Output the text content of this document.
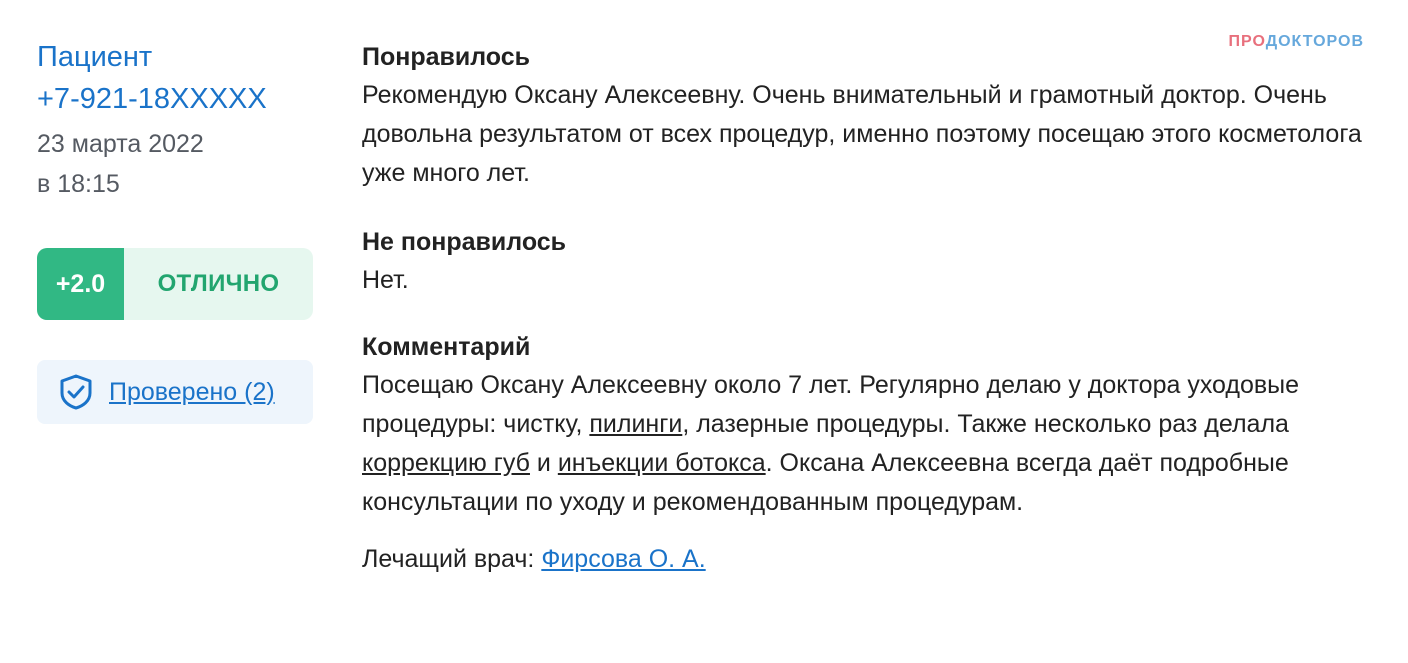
Пациент
+7-921-18XXXXX
23 марта 2022
в 18:15
+2.0	ОТЛИЧНО
Проверено (2)
ПРОДОКТОРОВ
Понравилось
Рекомендую Оксану Алексеевну. Очень внимательный и грамотный доктор. Очень довольна результатом от всех процедур, именно поэтому посещаю этого косметолога уже много лет.
Не понравилось
Нет.
Комментарий
Посещаю Оксану Алексеевну около 7 лет. Регулярно делаю у доктора уходовые процедуры: чистку, пилинги, лазерные процедуры. Также несколько раз делала коррекцию губ и инъекции ботокса. Оксана Алексеевна всегда даёт подробные консультации по уходу и рекомендованным процедурам.
Лечащий врач: Фирсова О. А.
